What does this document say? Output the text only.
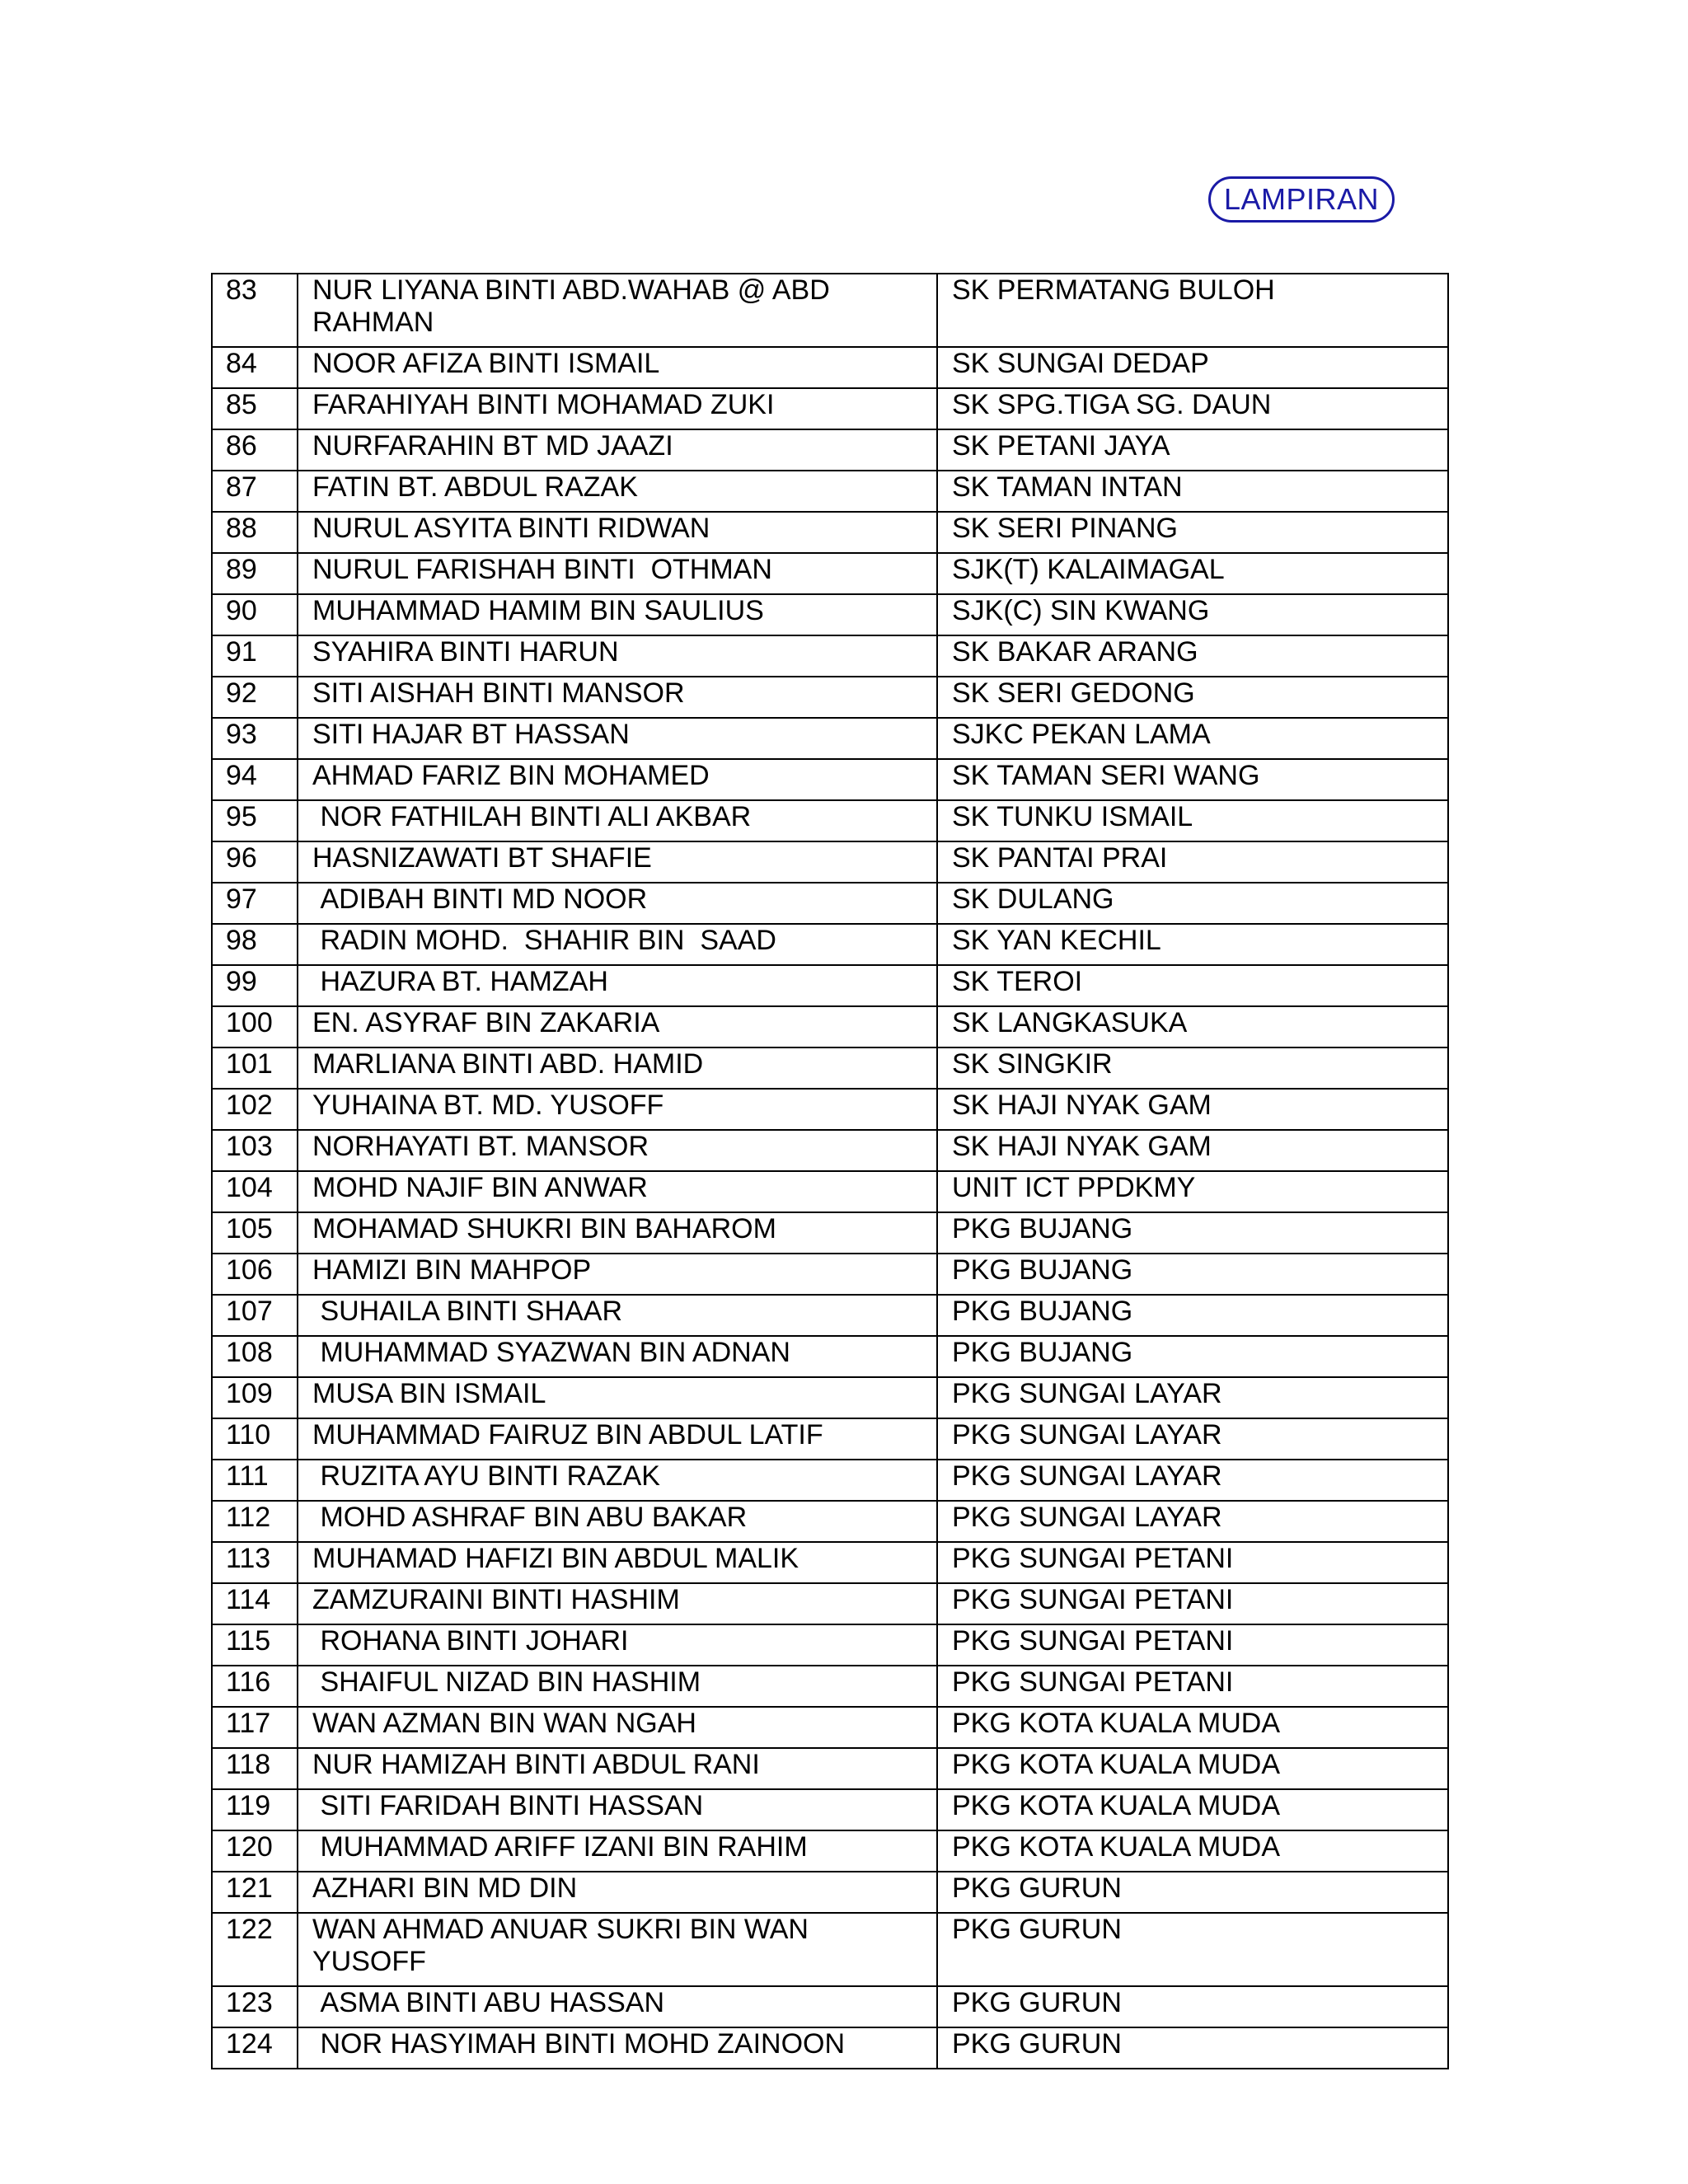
LAMPIRAN
83	NUR LIYANA BINTI ABD.WAHAB @ ABD RAHMAN	SK PERMATANG BULOH
84	NOOR AFIZA BINTI ISMAIL	SK SUNGAI DEDAP
85	FARAHIYAH BINTI MOHAMAD ZUKI	SK SPG.TIGA SG. DAUN
86	NURFARAHIN BT MD JAAZI	SK PETANI JAYA
87	FATIN BT. ABDUL RAZAK	SK TAMAN INTAN
88	NURUL ASYITA BINTI RIDWAN	SK SERI PINANG
89	NURUL FARISHAH BINTI  OTHMAN	SJK(T) KALAIMAGAL
90	MUHAMMAD HAMIM BIN SAULIUS	SJK(C) SIN KWANG
91	SYAHIRA BINTI HARUN	SK BAKAR ARANG
92	SITI AISHAH BINTI MANSOR	SK SERI GEDONG
93	SITI HAJAR BT HASSAN	SJKC PEKAN LAMA
94	AHMAD FARIZ BIN MOHAMED	SK TAMAN SERI WANG
95	NOR FATHILAH BINTI ALI AKBAR	SK TUNKU ISMAIL
96	HASNIZAWATI BT SHAFIE	SK PANTAI PRAI
97	ADIBAH BINTI MD NOOR	SK DULANG
98	RADIN MOHD.  SHAHIR BIN  SAAD	SK YAN KECHIL
99	HAZURA BT. HAMZAH	SK TEROI
100	EN. ASYRAF BIN ZAKARIA	SK LANGKASUKA
101	MARLIANA BINTI ABD. HAMID	SK SINGKIR
102	YUHAINA BT. MD. YUSOFF	SK HAJI NYAK GAM
103	NORHAYATI BT. MANSOR	SK HAJI NYAK GAM
104	MOHD NAJIF BIN ANWAR	UNIT ICT PPDKMY
105	MOHAMAD SHUKRI BIN BAHAROM	PKG BUJANG
106	HAMIZI BIN MAHPOP	PKG BUJANG
107	SUHAILA BINTI SHAAR	PKG BUJANG
108	MUHAMMAD SYAZWAN BIN ADNAN	PKG BUJANG
109	MUSA BIN ISMAIL	PKG SUNGAI LAYAR
110	MUHAMMAD FAIRUZ BIN ABDUL LATIF	PKG SUNGAI LAYAR
111	RUZITA AYU BINTI RAZAK	PKG SUNGAI LAYAR
112	MOHD ASHRAF BIN ABU BAKAR	PKG SUNGAI LAYAR
113	MUHAMAD HAFIZI BIN ABDUL MALIK	PKG SUNGAI PETANI
114	ZAMZURAINI BINTI HASHIM	PKG SUNGAI PETANI
115	ROHANA BINTI JOHARI	PKG SUNGAI PETANI
116	SHAIFUL NIZAD BIN HASHIM	PKG SUNGAI PETANI
117	WAN AZMAN BIN WAN NGAH	PKG KOTA KUALA MUDA
118	NUR HAMIZAH BINTI ABDUL RANI	PKG KOTA KUALA MUDA
119	SITI FARIDAH BINTI HASSAN	PKG KOTA KUALA MUDA
120	MUHAMMAD ARIFF IZANI BIN RAHIM	PKG KOTA KUALA MUDA
121	AZHARI BIN MD DIN	PKG GURUN
122	WAN AHMAD ANUAR SUKRI BIN WAN YUSOFF	PKG GURUN
123	ASMA BINTI ABU HASSAN	PKG GURUN
124	NOR HASYIMAH BINTI MOHD ZAINOON	PKG GURUN
